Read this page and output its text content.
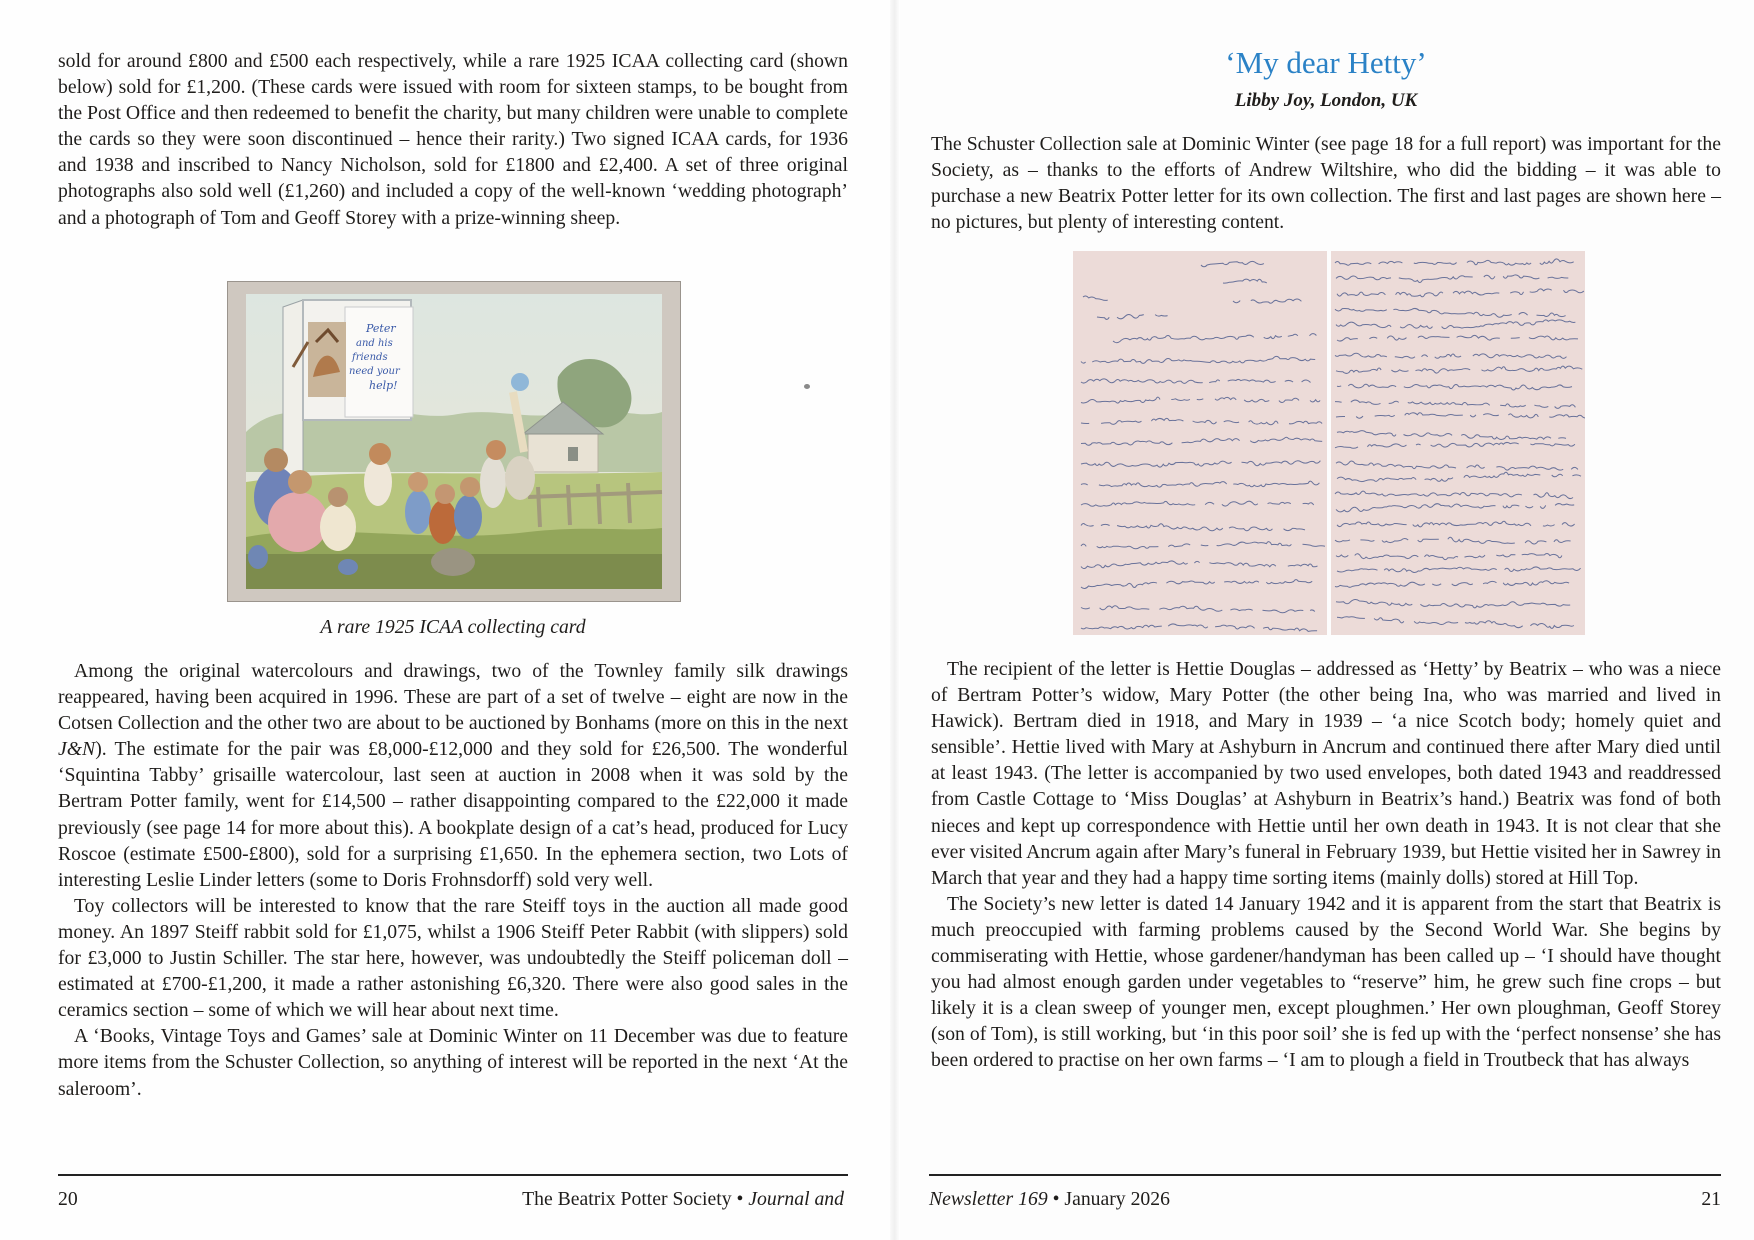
sold for around £800 and £500 each respectively, while a rare 1925 ICAA collecting card (shown below) sold for £1,200. (These cards were issued with room for sixteen stamps, to be bought from the Post Office and then redeemed to benefit the charity, but many children were unable to complete the cards so they were soon discontinued – hence their rarity.) Two signed ICAA cards, for 1936 and 1938 and inscribed to Nancy Nicholson, sold for £1800 and £2,400. A set of three original photographs also sold well (£1,260) and included a copy of the well-known ‘wedding photograph’ and a photograph of Tom and Geoff Storey with a prize-winning sheep.

Peter
and his
friends
need your
help!
A rare 1925 ICAA collecting card

Among the original watercolours and drawings, two of the Townley family silk drawings reappeared, having been acquired in 1996. These are part of a set of twelve – eight are now in the Cotsen Collection and the other two are about to be auctioned by Bonhams (more on this in the next J&N). The estimate for the pair was £8,000-£12,000 and they sold for £26,500. The wonderful ‘Squintina Tabby’ grisaille watercolour, last seen at auction in 2008 when it was sold by the Bertram Potter family, went for £14,500 – rather disappointing compared to the £22,000 it made previously (see page 14 for more about this). A bookplate design of a cat’s head, produced for Lucy Roscoe (estimate £500-£800), sold for a surprising £1,650. In the ephemera section, two Lots of interesting Leslie Linder letters (some to Doris Frohnsdorff) sold very well.

Toy collectors will be interested to know that the rare Steiff toys in the auction all made good money. An 1897 Steiff rabbit sold for £1,075, whilst a 1906 Steiff Peter Rabbit (with slippers) sold for £3,000 to Justin Schiller. The star here, however, was undoubtedly the Steiff policeman doll – estimated at £700-£1,200, it made a rather astonishing £6,320. There were also good sales in the ceramics section – some of which we will hear about next time.

A ‘Books, Vintage Toys and Games’ sale at Dominic Winter on 11 December was due to feature more items from the Schuster Collection, so anything of interest will be reported in the next ‘At the saleroom’.

20	The Beatrix Potter Society • Journal and
‘My dear Hetty’
Libby Joy, London, UK

The Schuster Collection sale at Dominic Winter (see page 18 for a full report) was important for the Society, as – thanks to the efforts of Andrew Wiltshire, who did the bidding – it was able to purchase a new Beatrix Potter letter for its own collection. The first and last pages are shown here – no pictures, but plenty of interesting content.

The recipient of the letter is Hettie Douglas – addressed as ‘Hetty’ by Beatrix – who was a niece of Bertram Potter’s widow, Mary Potter (the other being Ina, who was married and lived in Hawick). Bertram died in 1918, and Mary in 1939 – ‘a nice Scotch body; homely quiet and sensible’. Hettie lived with Mary at Ashyburn in Ancrum and continued there after Mary died until at least 1943. (The letter is accompanied by two used envelopes, both dated 1943 and readdressed from Castle Cottage to ‘Miss Douglas’ at Ashyburn in Beatrix’s hand.) Beatrix was fond of both nieces and kept up correspondence with Hettie until her own death in 1943. It is not clear that she ever visited Ancrum again after Mary’s funeral in February 1939, but Hettie visited her in Sawrey in March that year and they had a happy time sorting items (mainly dolls) stored at Hill Top.

The Society’s new letter is dated 14 January 1942 and it is apparent from the start that Beatrix is much preoccupied with farming problems caused by the Second World War. She begins by commiserating with Hettie, whose gardener/handyman has been called up – ‘I should have thought you had almost enough garden under vegetables to “reserve” him, he grew such fine crops – but likely it is a clean sweep of younger men, except ploughmen.’ Her own ploughman, Geoff Storey (son of Tom), is still working, but ‘in this poor soil’ she is fed up with the ‘perfect nonsense’ she has been ordered to practise on her own farms – ‘I am to plough a field in Troutbeck that has always

Newsletter 169 • January 2026	21
